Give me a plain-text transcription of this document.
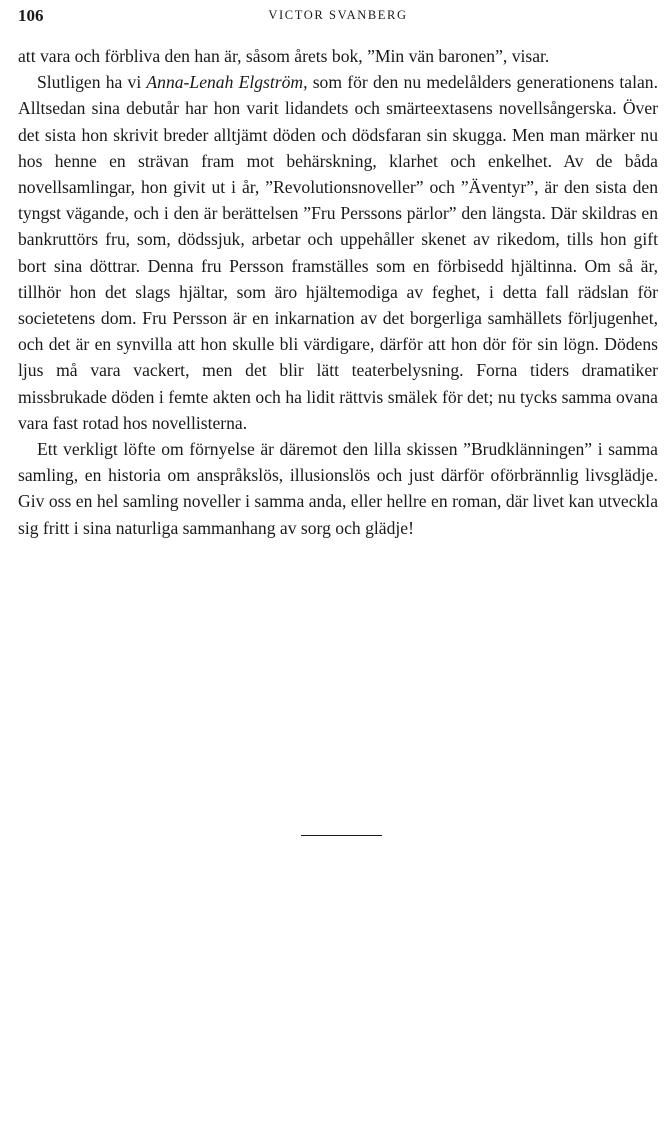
106	VICTOR SVANBERG

att vara och förbliva den han är, såsom årets bok, ”Min vän baronen”, visar.

Slutligen ha vi Anna-Lenah Elgström, som för den nu medelålders generationens talan. Alltsedan sina debutår har hon varit lidandets och smärteextasens novellsångerska. Över det sista hon skrivit breder alltjämt döden och dödsfaran sin skugga. Men man märker nu hos henne en strävan fram mot behärskning, klarhet och enkelhet. Av de båda novellsamlingar, hon givit ut i år, ”Revolutionsnoveller” och ”Äventyr”, är den sista den tyngst vägande, och i den är berättelsen ”Fru Perssons pärlor” den längsta. Där skildras en bankruttörs fru, som, dödssjuk, arbetar och uppehåller skenet av rikedom, tills hon gift bort sina döttrar. Denna fru Persson framställes som en förbisedd hjältinna. Om så är, tillhör hon det slags hjältar, som äro hjältemodiga av feghet, i detta fall rädslan för societetens dom. Fru Persson är en inkarnation av det borgerliga samhällets förljugenhet, och det är en synvilla att hon skulle bli värdigare, därför att hon dör för sin lögn. Dödens ljus må vara vackert, men det blir lätt teaterbelysning. Forna tiders dramatiker missbrukade döden i femte akten och ha lidit rättvis smälek för det; nu tycks samma ovana vara fast rotad hos novellisterna.

Ett verkligt löfte om förnyelse är däremot den lilla skissen ”Brudklänningen” i samma samling, en historia om anspråkslös, illusionslös och just därför oförbrännlig livsglädje. Giv oss en hel samling noveller i samma anda, eller hellre en roman, där livet kan utveckla sig fritt i sina naturliga sammanhang av sorg och glädje!
